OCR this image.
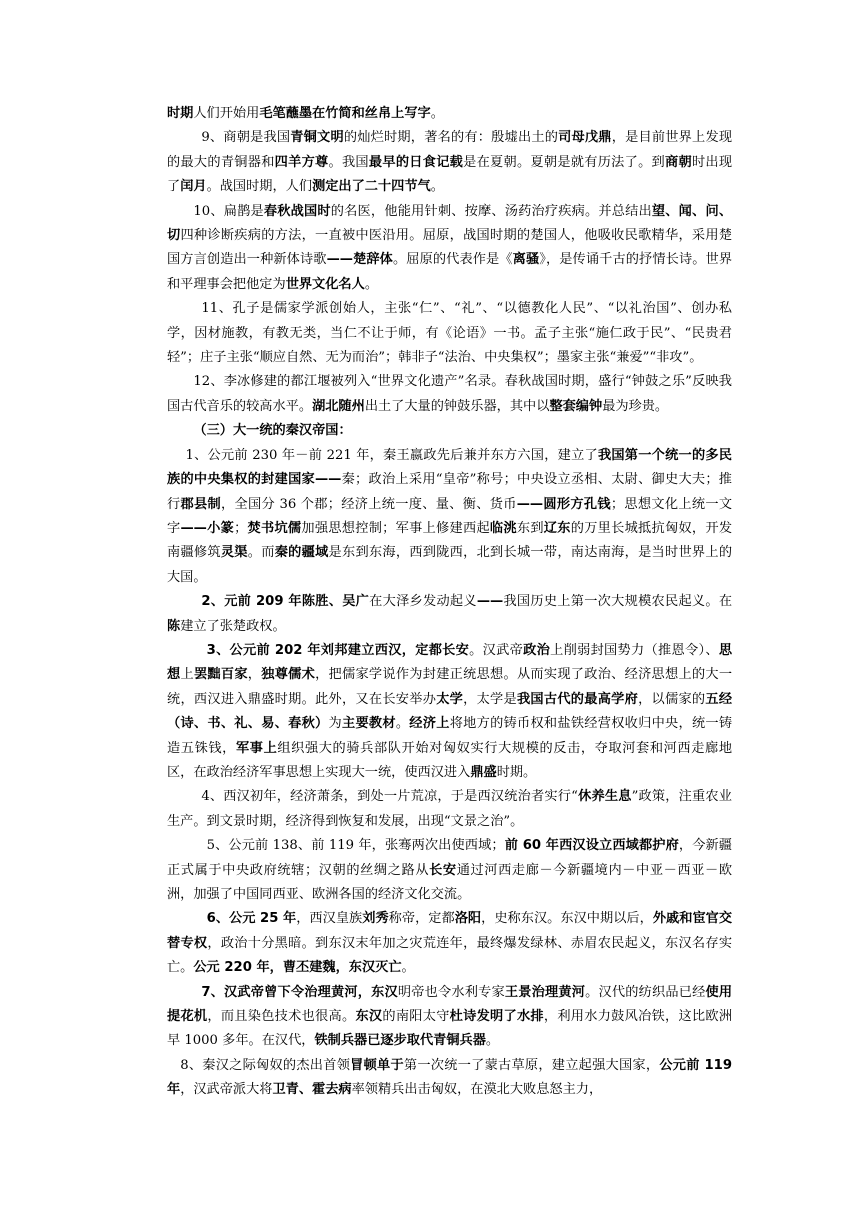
时期人们开始用毛笔蘸墨在竹简和丝帛上写字。

9、商朝是我国青铜文明的灿烂时期，著名的有：殷墟出土的司母戊鼎，是目前世界上发现的最大的青铜器和四羊方尊。我国最早的日食记载是在夏朝。夏朝是就有历法了。到商朝时出现了闰月。战国时期，人们测定出了二十四节气。

10、扁鹊是春秋战国时的名医，他能用针刺、按摩、汤药治疗疾病。并总结出望、闻、问、切四种诊断疾病的方法，一直被中医沿用。屈原，战国时期的楚国人，他吸收民歌精华，采用楚国方言创造出一种新体诗歌——楚辞体。屈原的代表作是《离骚》，是传诵千古的抒情长诗。世界和平理事会把他定为世界文化名人。

11、孔子是儒家学派创始人，主张“仁”、“礼”、“以德教化人民”、“以礼治国”、创办私学，因材施教，有教无类，当仁不让于师，有《论语》一书。孟子主张“施仁政于民”、“民贵君轻”；庄子主张“顺应自然、无为而治”；韩非子“法治、中央集权”；墨家主张“兼爱”“非攻”。

12、李冰修建的都江堰被列入“世界文化遗产”名录。春秋战国时期，盛行“钟鼓之乐”反映我国古代音乐的较高水平。湖北随州出土了大量的钟鼓乐器，其中以整套编钟最为珍贵。

（三）大一统的秦汉帝国：

1、公元前 230 年－前 221 年，秦王嬴政先后兼并东方六国，建立了我国第一个统一的多民族的中央集权的封建国家——秦；政治上采用“皇帝”称号；中央设立丞相、太尉、御史大夫；推行郡县制，全国分 36 个郡；经济上统一度、量、衡、货币——圆形方孔钱；思想文化上统一文字——小篆；焚书坑儒加强思想控制；军事上修建西起临洮东到辽东的万里长城抵抗匈奴，开发南疆修筑灵渠。而秦的疆域是东到东海，西到陇西，北到长城一带，南达南海，是当时世界上的大国。

2、元前 209 年陈胜、吴广在大泽乡发动起义——我国历史上第一次大规模农民起义。在陈建立了张楚政权。

3、公元前 202 年刘邦建立西汉，定都长安。汉武帝政治上削弱封国势力（推恩令）、思想上罢黜百家，独尊儒术，把儒家学说作为封建正统思想。从而实现了政治、经济思想上的大一统，西汉进入鼎盛时期。此外，又在长安举办太学，太学是我国古代的最高学府，以儒家的五经（诗、书、礼、易、春秋）为主要教材。经济上将地方的铸币权和盐铁经营权收归中央，统一铸造五铢钱，军事上组织强大的骑兵部队开始对匈奴实行大规模的反击，夺取河套和河西走廊地区，在政治经济军事思想上实现大一统，使西汉进入鼎盛时期。

4、西汉初年，经济萧条，到处一片荒凉，于是西汉统治者实行“休养生息”政策，注重农业生产。到文景时期，经济得到恢复和发展，出现“文景之治”。

5、公元前 138、前 119 年，张骞两次出使西域；前 60 年西汉设立西域都护府，今新疆正式属于中央政府统辖；汉朝的丝绸之路从长安通过河西走廊－今新疆境内－中亚－西亚－欧洲，加强了中国同西亚、欧洲各国的经济文化交流。

6、公元 25 年，西汉皇族刘秀称帝，定都洛阳，史称东汉。东汉中期以后，外戚和宦官交替专权，政治十分黑暗。到东汉末年加之灾荒连年，最终爆发绿林、赤眉农民起义，东汉名存实亡。公元 220 年，曹丕建魏，东汉灭亡。

7、汉武帝曾下令治理黄河，东汉明帝也令水利专家王景治理黄河。汉代的纺织品已经使用提花机，而且染色技术也很高。东汉的南阳太守杜诗发明了水排，利用水力鼓风冶铁，这比欧洲早 1000 多年。在汉代，铁制兵器已逐步取代青铜兵器。

8、秦汉之际匈奴的杰出首领冒顿单于第一次统一了蒙古草原，建立起强大国家，公元前 119 年，汉武帝派大将卫青、霍去病率领精兵出击匈奴，在漠北大败息怒主力，
